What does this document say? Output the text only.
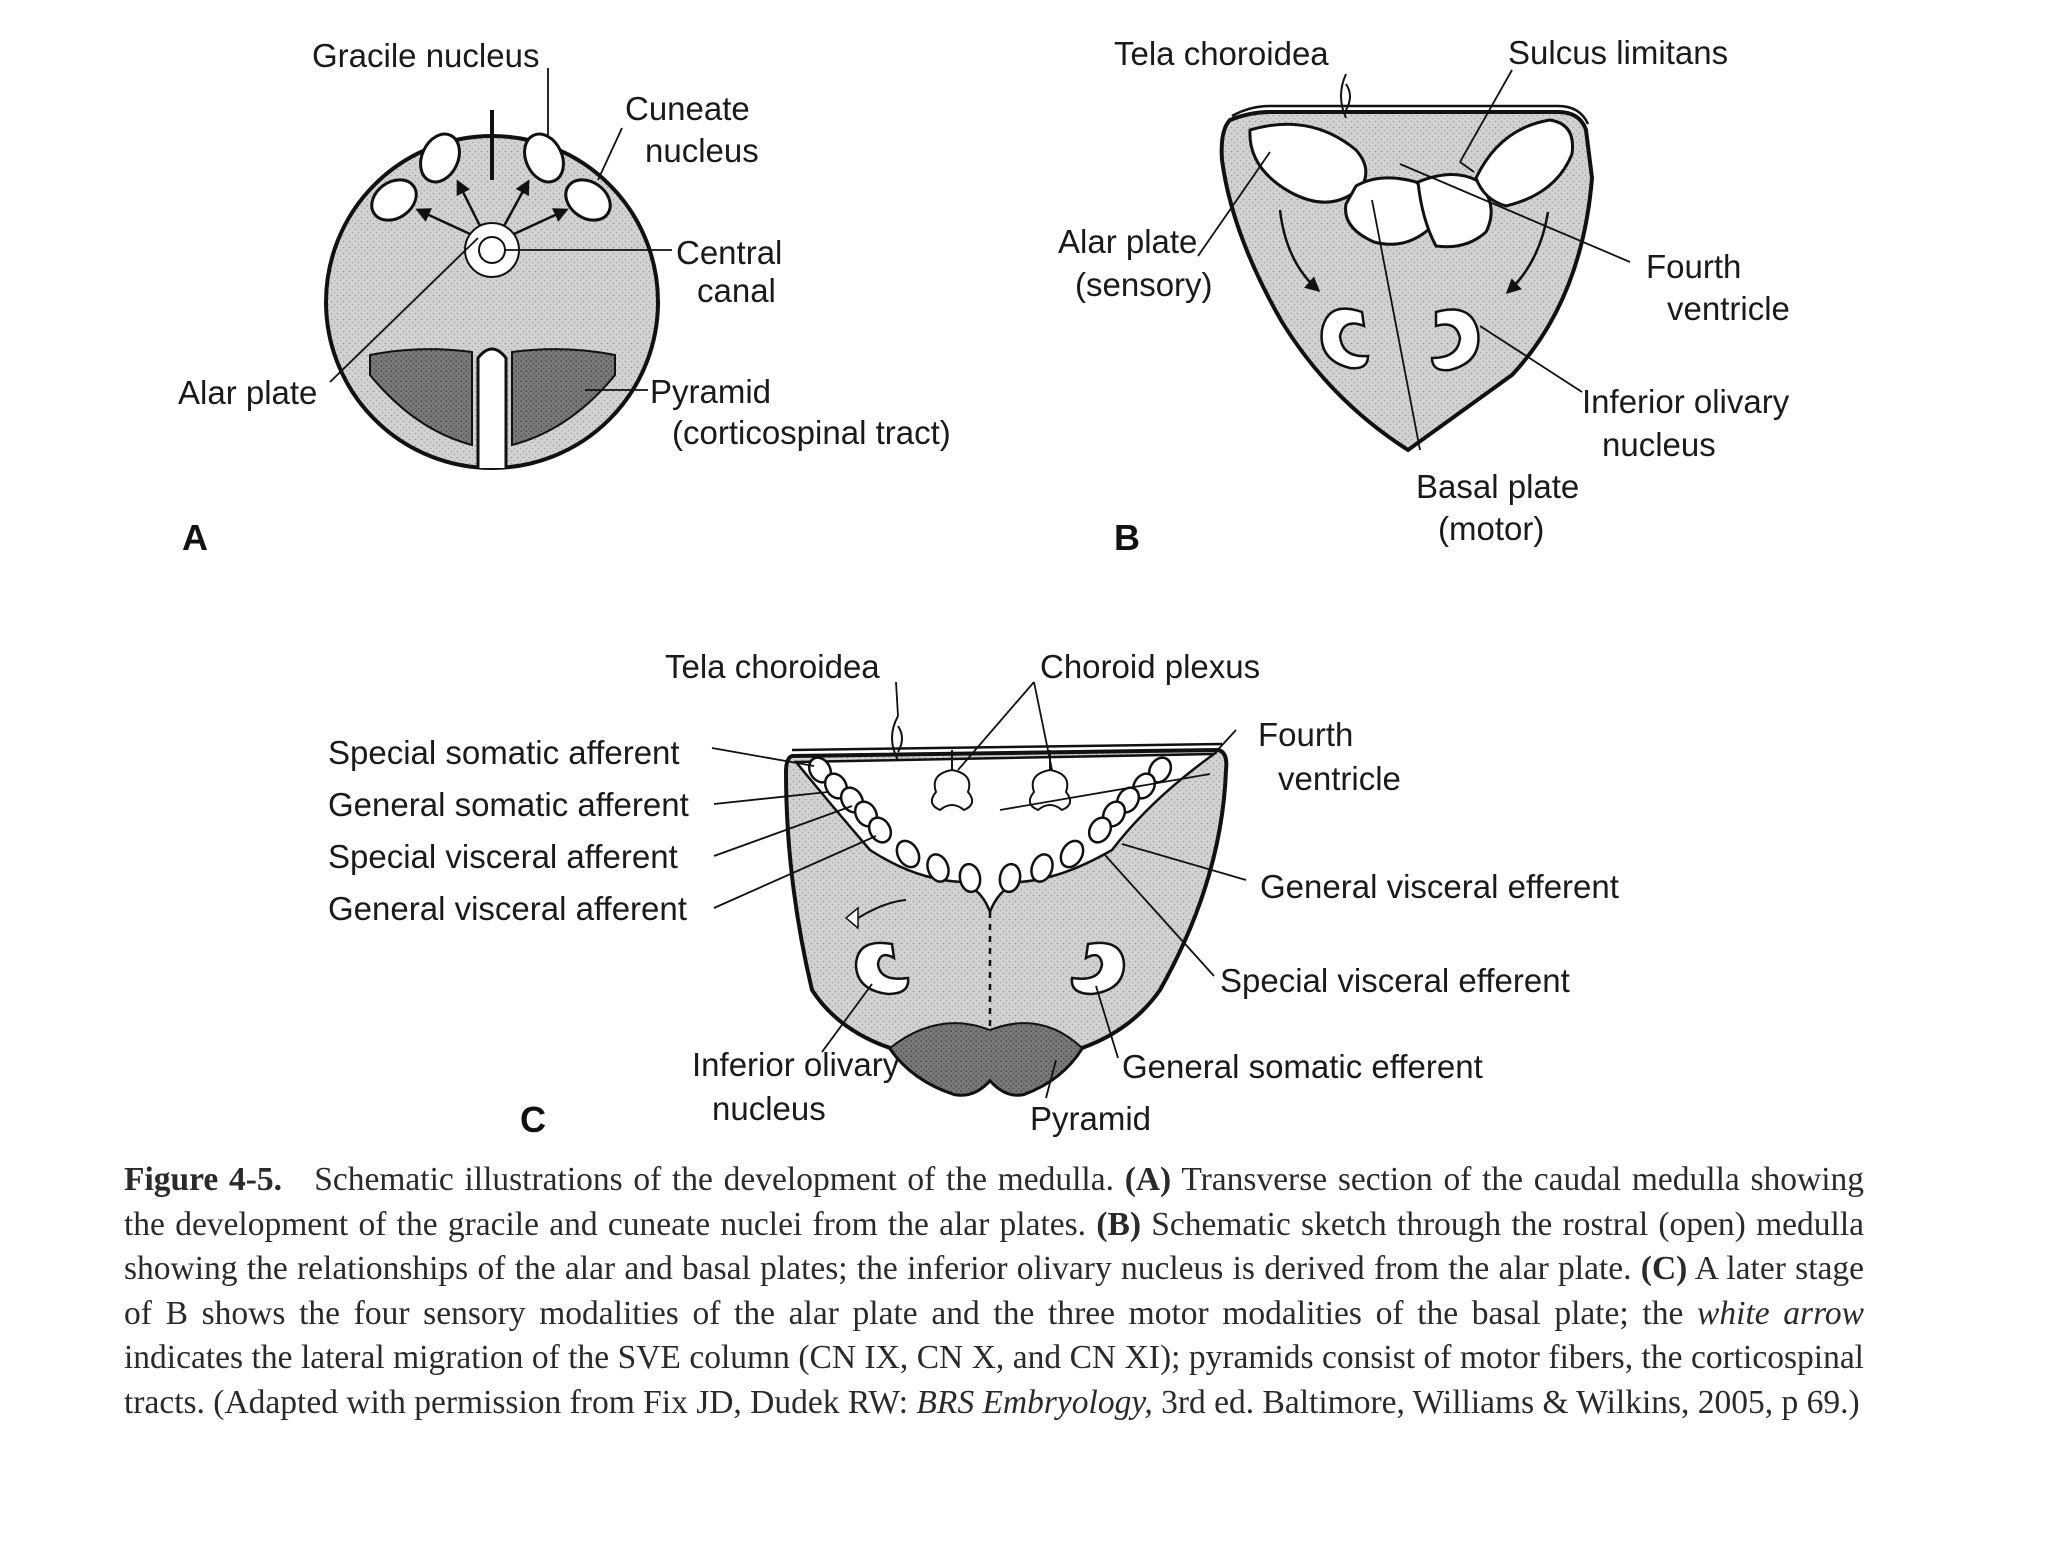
Gracile nucleus
Cuneate
nucleus
Central
canal
Alar plate	Pyramid
(corticospinal tract)
A
Tela choroidea	Sulcus limitans
Alar plate
(sensory)	Fourth
ventricle
Inferior olivary
nucleus
Basal plate
(motor)
B
Tela choroidea	Choroid plexus
Fourth
ventricle
Special somatic afferent
General somatic afferent
Special visceral afferent
General visceral afferent
General visceral efferent
Special visceral efferent
General somatic efferent
Inferior olivary
nucleus	Pyramid
C
Figure 4-5. Schematic illustrations of the development of the medulla. (A) Transverse section of the caudal medulla showing the development of the gracile and cuneate nuclei from the alar plates. (B) Schematic sketch through the rostral (open) medulla showing the relationships of the alar and basal plates; the inferior olivary nucleus is derived from the alar plate. (C) A later stage of B shows the four sensory modalities of the alar plate and the three motor modalities of the basal plate; the white arrow indicates the lateral migration of the SVE column (CN IX, CN X, and CN XI); pyramids consist of motor fibers, the corticospinal tracts. (Adapted with permission from Fix JD, Dudek RW: BRS Embryology, 3rd ed. Baltimore, Williams & Wilkins, 2005, p 69.)
